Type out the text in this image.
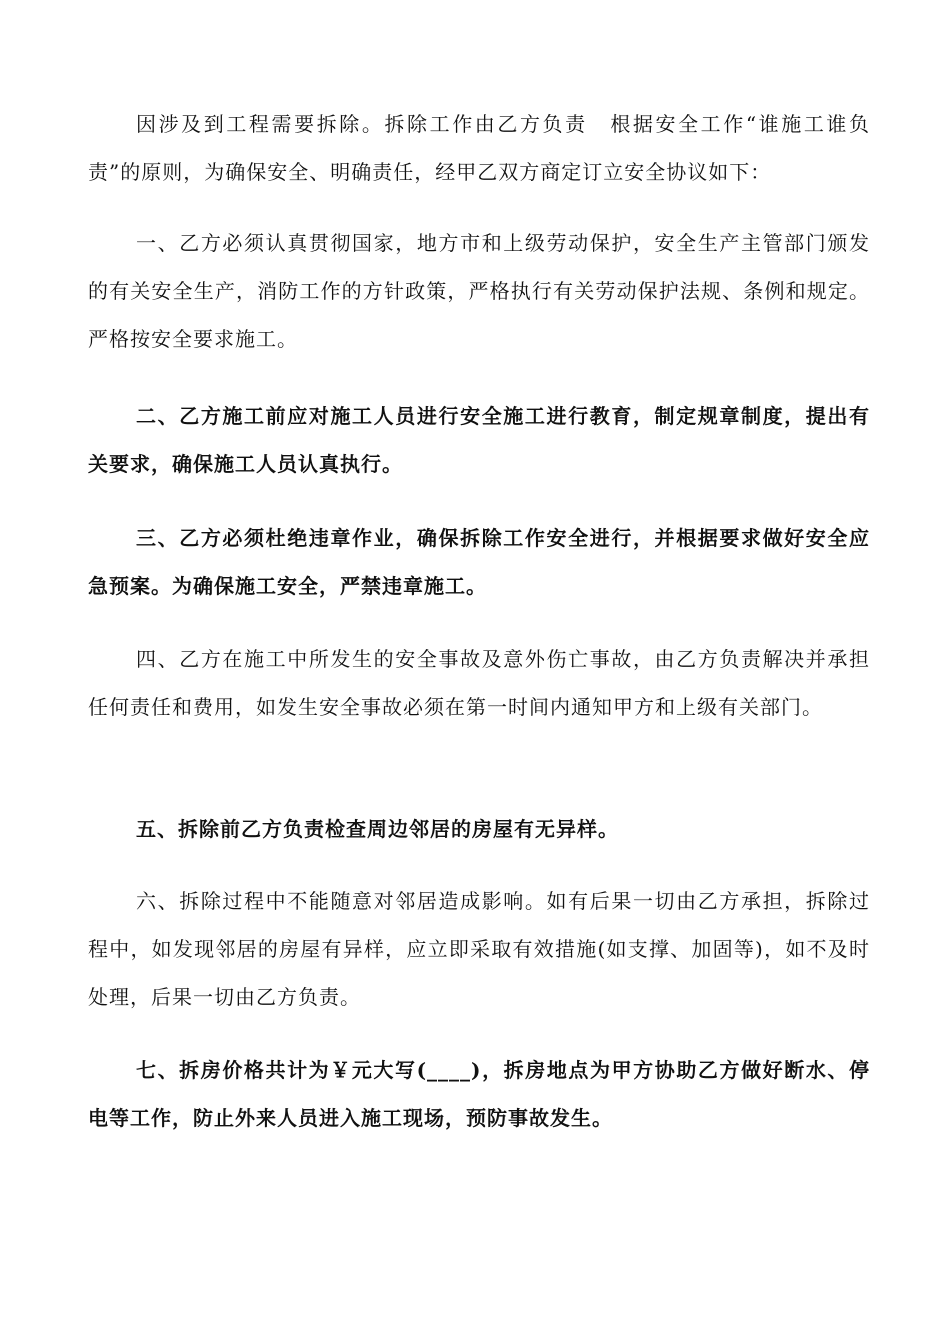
因涉及到工程需要拆除。拆除工作由乙方负责　根据安全工作“谁施工谁负责”的原则，为确保安全、明确责任，经甲乙双方商定订立安全协议如下：

一、乙方必须认真贯彻国家，地方市和上级劳动保护，安全生产主管部门颁发的有关安全生产，消防工作的方针政策，严格执行有关劳动保护法规、条例和规定。严格按安全要求施工。

二、乙方施工前应对施工人员进行安全施工进行教育，制定规章制度，提出有关要求，确保施工人员认真执行。

三、乙方必须杜绝违章作业，确保拆除工作安全进行，并根据要求做好安全应急预案。为确保施工安全，严禁违章施工。

四、乙方在施工中所发生的安全事故及意外伤亡事故，由乙方负责解决并承担任何责任和费用，如发生安全事故必须在第一时间内通知甲方和上级有关部门。

五、拆除前乙方负责检查周边邻居的房屋有无异样。

六、拆除过程中不能随意对邻居造成影响。如有后果一切由乙方承担，拆除过程中，如发现邻居的房屋有异样，应立即采取有效措施(如支撑、加固等)，如不及时处理，后果一切由乙方负责。

七、拆房价格共计为￥元大写(____)，拆房地点为甲方协助乙方做好断水、停电等工作，防止外来人员进入施工现场，预防事故发生。
